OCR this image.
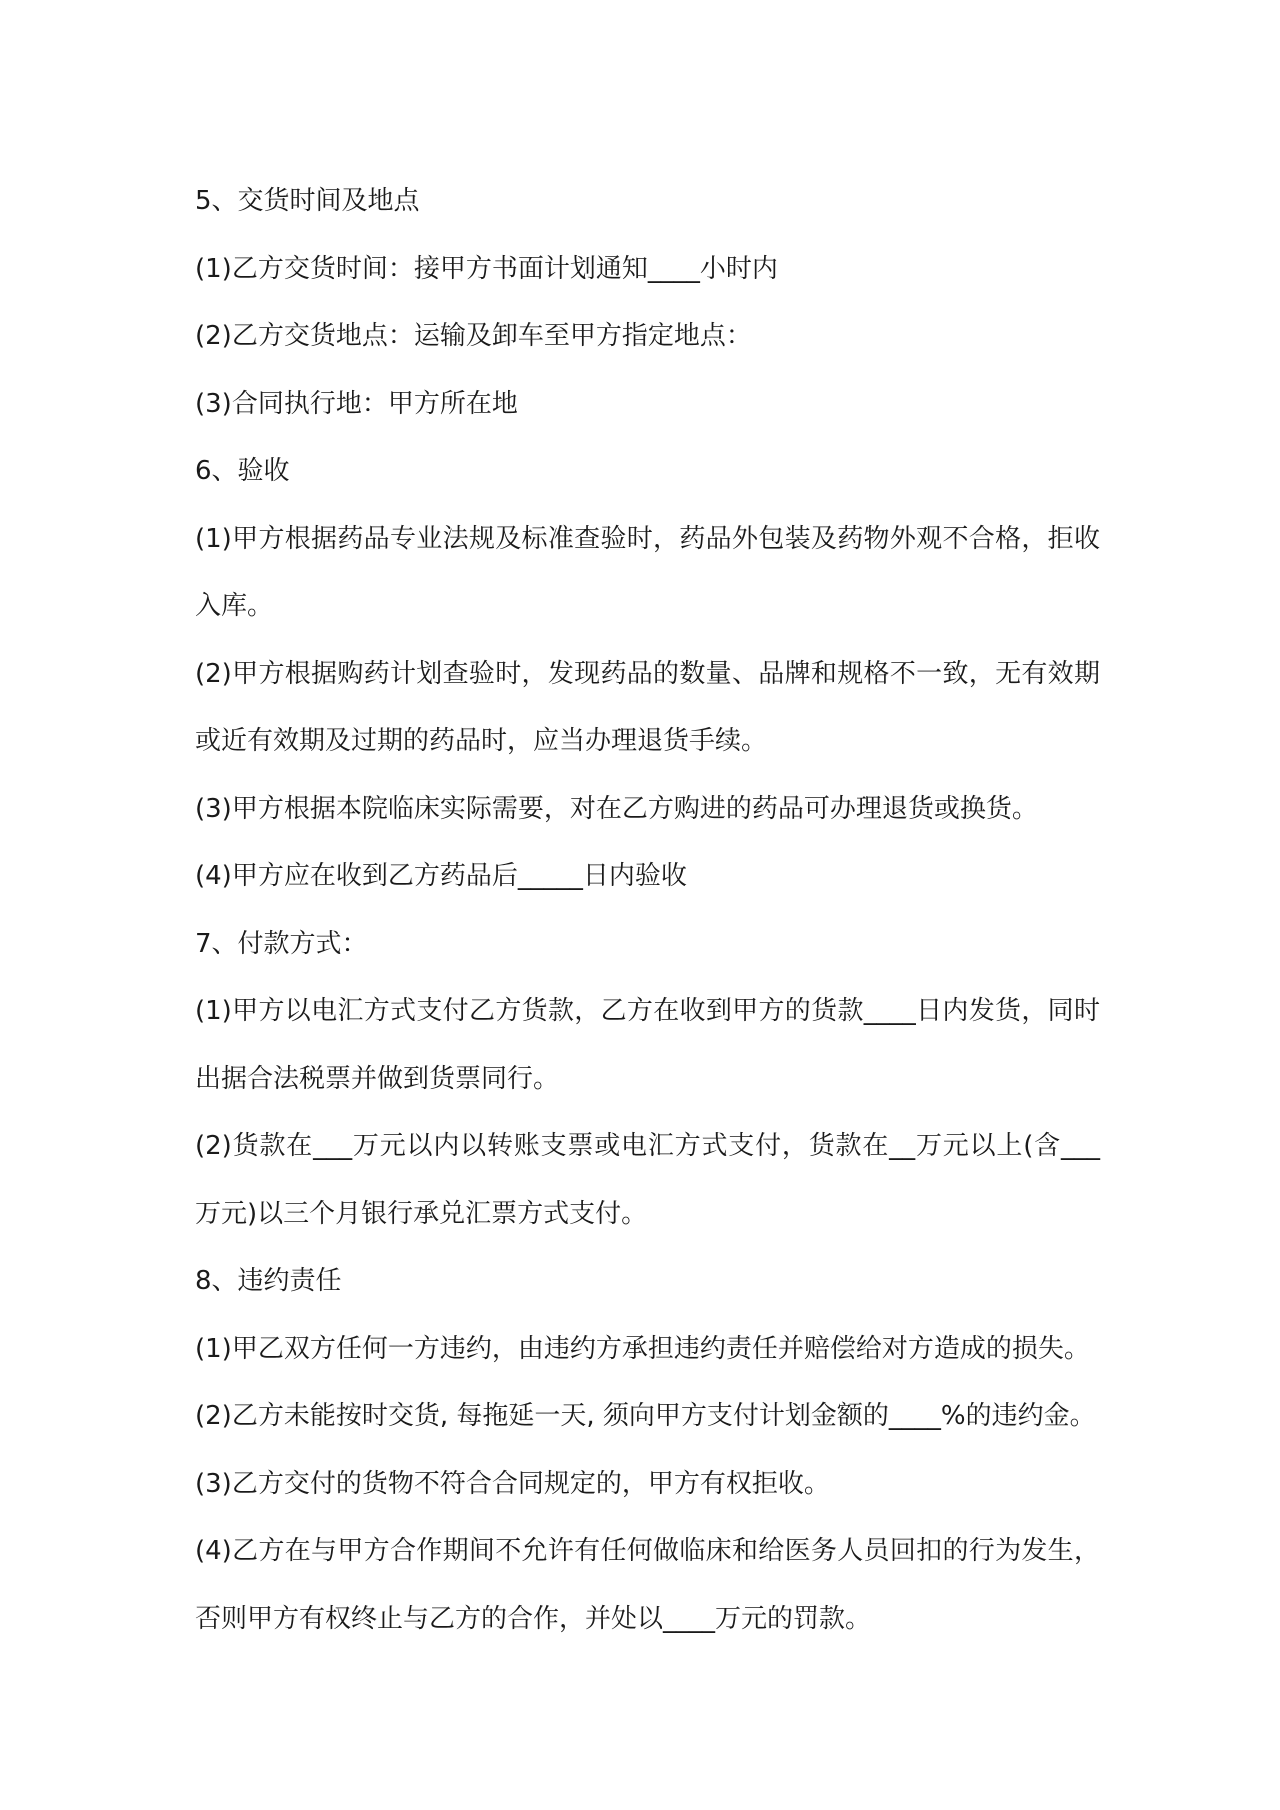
5、交货时间及地点
(1)乙方交货时间：接甲方书面计划通知____小时内
(2)乙方交货地点：运输及卸车至甲方指定地点：
(3)合同执行地：甲方所在地
6、验收
(1)甲方根据药品专业法规及标准查验时，药品外包装及药物外观不合格，拒收
入库。
(2)甲方根据购药计划查验时，发现药品的数量、品牌和规格不一致，无有效期
或近有效期及过期的药品时，应当办理退货手续。
(3)甲方根据本院临床实际需要，对在乙方购进的药品可办理退货或换货。
(4)甲方应在收到乙方药品后_____日内验收
7、付款方式：
(1)甲方以电汇方式支付乙方货款，乙方在收到甲方的货款____日内发货，同时
出据合法税票并做到货票同行。
(2)货款在___万元以内以转账支票或电汇方式支付，货款在__万元以上(含___
万元)以三个月银行承兑汇票方式支付。
8、违约责任
(1)甲乙双方任何一方违约，由违约方承担违约责任并赔偿给对方造成的损失。
(2)乙方未能按时交货, 每拖延一天, 须向甲方支付计划金额的____%的违约金。
(3)乙方交付的货物不符合合同规定的，甲方有权拒收。
(4)乙方在与甲方合作期间不允许有任何做临床和给医务人员回扣的行为发生，
否则甲方有权终止与乙方的合作，并处以____万元的罚款。
